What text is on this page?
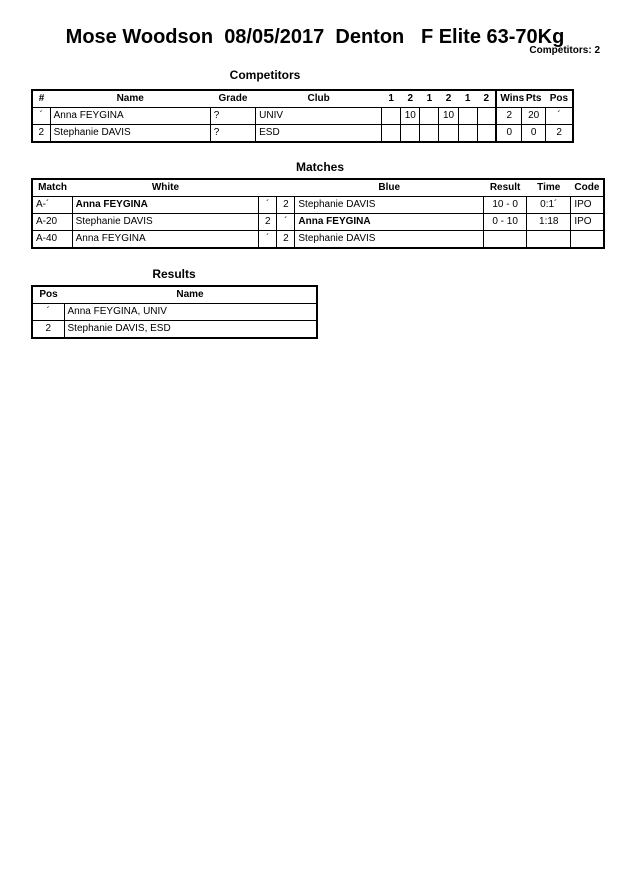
Mose Woodson  08/05/2017  Denton   F Elite 63-70Kg
Competitors: 2
Competitors
#	Name	Grade	Club	1	2	1	2	1	2	Wins	Pts	Pos
´	Anna FEYGINA	?	UNIV		10		10			2	20	´
2	Stephanie DAVIS	?	ESD							0	0	2
Matches
Match	White			Blue	Result	Time	Code
A-´	Anna FEYGINA	´	2	Stephanie DAVIS	10 - 0	0:1´	IPO
A-20	Stephanie DAVIS	2	´	Anna FEYGINA	0 - 10	1:18	IPO
A-40	Anna FEYGINA	´	2	Stephanie DAVIS			
Results
Pos	Name
´	Anna FEYGINA, UNIV
2	Stephanie DAVIS, ESD
